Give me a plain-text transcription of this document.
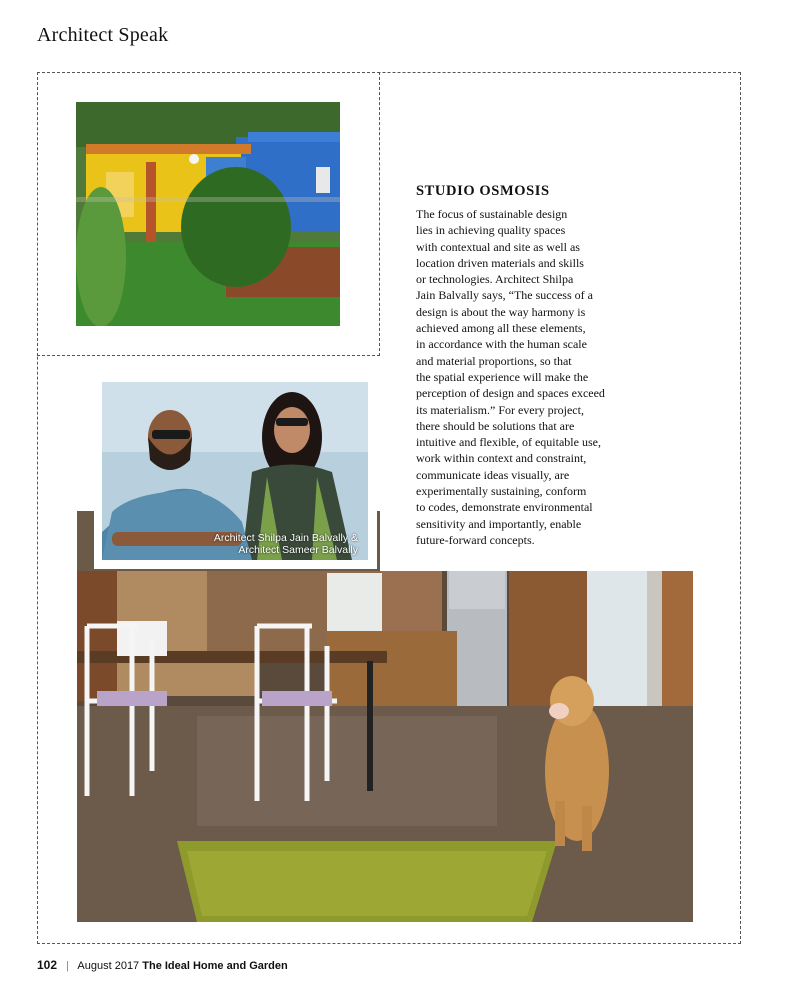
Architect Speak
STUDIO OSMOSIS
The focus of sustainable design
lies in achieving quality spaces
with contextual and site as well as
location driven materials and skills
or technologies. Architect Shilpa
Jain Balvally says, “The success of a
design is about the way harmony is
achieved among all these elements,
in accordance with the human scale
and material proportions, so that
the spatial experience will make the
perception of design and spaces exceed
its materialism.” For every project,
there should be solutions that are
intuitive and flexible, of equitable use,
work within context and constraint,
communicate ideas visually, are
experimentally sustaining, conform
to codes, demonstrate environmental
sensitivity and importantly, enable
future-forward concepts.
Architect Shilpa Jain Balvally &
Architect Sameer Balvally
102 | August 2017 The Ideal Home and Garden
